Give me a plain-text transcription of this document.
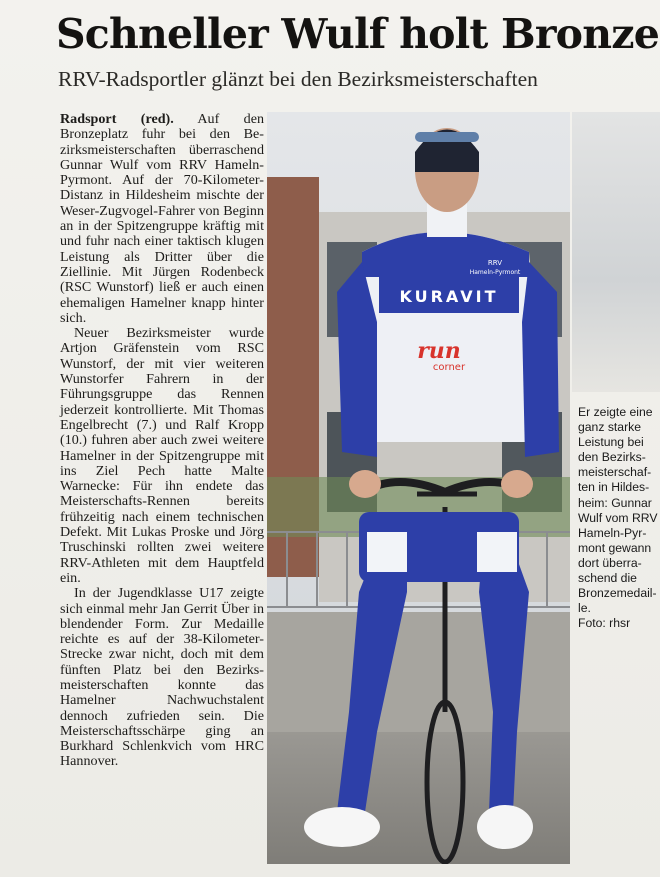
Schneller Wulf holt Bronze
RRV-Radsportler glänzt bei den Bezirksmeisterschaften

Radsport (red). Auf den Bronzeplatz fuhr bei den Bezirksmeisterschaften überraschend Gunnar Wulf vom RRV Hameln-Pyrmont. Auf der 70-Kilometer-Distanz in Hildesheim mischte der Weser-Zugvogel-Fahrer von Beginn an in der Spitzengruppe kräftig mit und fuhr nach einer taktisch klugen Leistung als Dritter über die Ziellinie. Mit Jürgen Rodenbeck (RSC Wunstorf) ließ er auch einen ehemaligen Hamelner knapp hinter sich.

Neuer Bezirksmeister wurde Artjon Gräfenstein vom RSC Wunstorf, der mit vier weiteren Wunstorfer Fahrern in der Führungsgruppe das Rennen jederzeit kontrollierte. Mit Thomas Engelbrecht (7.) und Ralf Kropp (10.) fuhren aber auch zwei weitere Hamelner in der Spitzengruppe mit ins Ziel Pech hatte Malte Warnecke: Für ihn endete das Meisterschafts-Rennen bereits frühzeitig nach einem technischen Defekt. Mit Lukas Proske und Jörg Truschinski rollten zwei weitere RRV-Athleten mit dem Hauptfeld ein.

In der Jugendklasse U17 zeigte sich einmal mehr Jan Gerrit Über in blendender Form. Zur Medaille reichte es auf der 38-Kilometer-Strecke zwar nicht, doch mit dem fünften Platz bei den Bezirksmeisterschaften konnte das Hamelner Nachwuchstalent dennoch zufrieden sein. Die Meisterschaftsschärpe ging an Burkhard Schlenkvich vom HRC Hannover.

KURAVIT
RRV
Hameln-Pyrmont
run
corner
Er zeigte eine ganz starke Leistung bei den Bezirksmeisterschaften in Hildesheim: Gunnar Wulf vom RRV Hameln-Pyrmont gewann dort überraschend die Bronzemedaille.
Foto: rhsr
